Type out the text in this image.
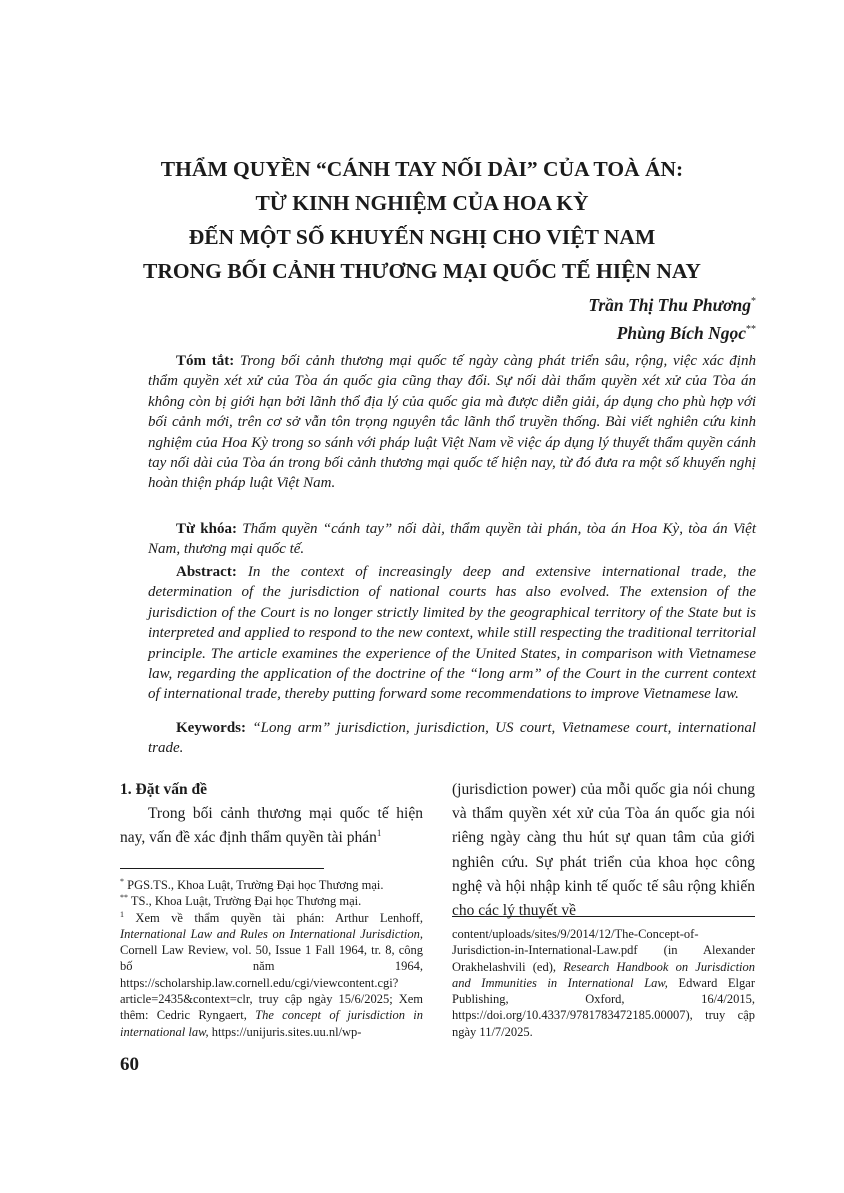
THẨM QUYỀN “CÁNH TAY NỐI DÀI” CỦA TOÀ ÁN:
TỪ KINH NGHIỆM CỦA HOA KỲ
ĐẾN MỘT SỐ KHUYẾN NGHỊ CHO VIỆT NAM
TRONG BỐI CẢNH THƯƠNG MẠI QUỐC TẾ HIỆN NAY
Trần Thị Thu Phương*
Phùng Bích Ngọc**
Tóm tắt: Trong bối cảnh thương mại quốc tế ngày càng phát triển sâu, rộng, việc xác định thẩm quyền xét xử của Tòa án quốc gia cũng thay đổi. Sự nối dài thẩm quyền xét xử của Tòa án không còn bị giới hạn bởi lãnh thổ địa lý của quốc gia mà được diễn giải, áp dụng cho phù hợp với bối cảnh mới, trên cơ sở vẫn tôn trọng nguyên tắc lãnh thổ truyền thống. Bài viết nghiên cứu kinh nghiệm của Hoa Kỳ trong so sánh với pháp luật Việt Nam về việc áp dụng lý thuyết thẩm quyền cánh tay nối dài của Tòa án trong bối cảnh thương mại quốc tế hiện nay, từ đó đưa ra một số khuyến nghị hoàn thiện pháp luật Việt Nam.
Từ khóa: Thẩm quyền “cánh tay” nối dài, thẩm quyền tài phán, tòa án Hoa Kỳ, tòa án Việt Nam, thương mại quốc tế.
Abstract: In the context of increasingly deep and extensive international trade, the determination of the jurisdiction of national courts has also evolved. The extension of the jurisdiction of the Court is no longer strictly limited by the geographical territory of the State but is interpreted and applied to respond to the new context, while still respecting the traditional territorial principle. The article examines the experience of the United States, in comparison with Vietnamese law, regarding the application of the doctrine of the “long arm” of the Court in the current context of international trade, thereby putting forward some recommendations to improve Vietnamese law.
Keywords: “Long arm” jurisdiction, jurisdiction, US court, Vietnamese court, international trade.

1. Đặt vấn đề

Trong bối cảnh thương mại quốc tế hiện nay, vấn đề xác định thẩm quyền tài phán$^1$

(jurisdiction power) của mỗi quốc gia nói chung và thẩm quyền xét xử của Tòa án quốc gia nói riêng ngày càng thu hút sự quan tâm của giới nghiên cứu. Sự phát triển của khoa học công nghệ và hội nhập kinh tế quốc tế sâu rộng khiến cho các lý thuyết về

* PGS.TS., Khoa Luật, Trường Đại học Thương mại.

** TS., Khoa Luật, Trường Đại học Thương mại.

$^1$ Xem về thẩm quyền tài phán: Arthur Lenhoff, International Law and Rules on International Jurisdiction, Cornell Law Review, vol. 50, Issue 1 Fall 1964, tr. 8, công bố năm 1964, https://scholarship.law.cornell.edu/cgi/viewcontent.cgi?article=2435&context=clr, truy cập ngày 15/6/2025; Xem thêm: Cedric Ryngaert, The concept of jurisdiction in international law, https://unijuris.sites.uu.nl/wp-

content/uploads/sites/9/2014/12/The-Concept-of-Jurisdiction-in-International-Law.pdf (in Alexander Orakhelashvili (ed), Research Handbook on Jurisdiction and Immunities in International Law, Edward Elgar Publishing, Oxford, 16/4/2015, https://doi.org/10.4337/9781783472185.00007), truy cập ngày 11/7/2025.

60
